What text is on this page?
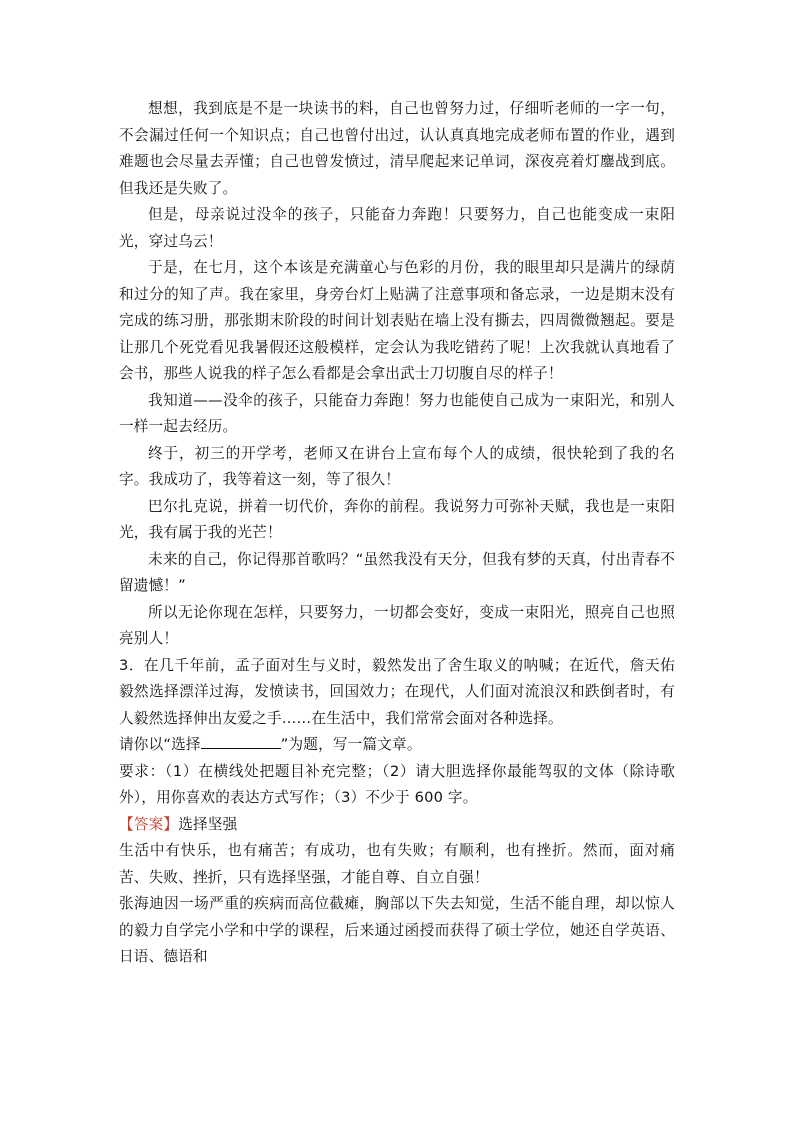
想想，我到底是不是一块读书的料，自己也曾努力过，仔细听老师的一字一句，不会漏过任何一个知识点；自己也曾付出过，认认真真地完成老师布置的作业，遇到难题也会尽量去弄懂；自己也曾发愤过，清早爬起来记单词，深夜亮着灯鏖战到底。但我还是失败了。

但是，母亲说过没伞的孩子，只能奋力奔跑！只要努力，自己也能变成一束阳光，穿过乌云！

于是，在七月，这个本该是充满童心与色彩的月份，我的眼里却只是满片的绿荫和过分的知了声。我在家里，身旁台灯上贴满了注意事项和备忘录，一边是期末没有完成的练习册，那张期末阶段的时间计划表贴在墙上没有撕去，四周微微翘起。要是让那几个死党看见我暑假还这般模样，定会认为我吃错药了呢！上次我就认真地看了会书，那些人说我的样子怎么看都是会拿出武士刀切腹自尽的样子！

我知道——没伞的孩子，只能奋力奔跑！努力也能使自己成为一束阳光，和别人一样一起去经历。

终于，初三的开学考，老师又在讲台上宣布每个人的成绩，很快轮到了我的名字。我成功了，我等着这一刻，等了很久！

巴尔扎克说，拼着一切代价，奔你的前程。我说努力可弥补天赋，我也是一束阳光，我有属于我的光芒！

未来的自己，你记得那首歌吗？“虽然我没有天分，但我有梦的天真，付出青春不留遗憾！”

所以无论你现在怎样，只要努力，一切都会变好，变成一束阳光，照亮自己也照亮别人！

3．在几千年前，孟子面对生与义时，毅然发出了舍生取义的呐喊；在近代，詹天佑毅然选择漂洋过海，发愤读书，回国效力；在现代，人们面对流浪汉和跌倒者时，有人毅然选择伸出友爱之手……在生活中，我们常常会面对各种选择。

请你以“选择	”为题，写一篇文章。

要求：（1）在横线处把题目补充完整；（2）请大胆选择你最能驾驭的文体（除诗歌外），用你喜欢的表达方式写作；（3）不少于 600 字。

【答案】选择坚强

生活中有快乐，也有痛苦；有成功，也有失败；有顺利，也有挫折。然而，面对痛苦、失败、挫折，只有选择坚强，才能自尊、自立自强！

张海迪因一场严重的疾病而高位截瘫，胸部以下失去知觉，生活不能自理，却以惊人的毅力自学完小学和中学的课程，后来通过函授而获得了硕士学位，她还自学英语、日语、德语和
